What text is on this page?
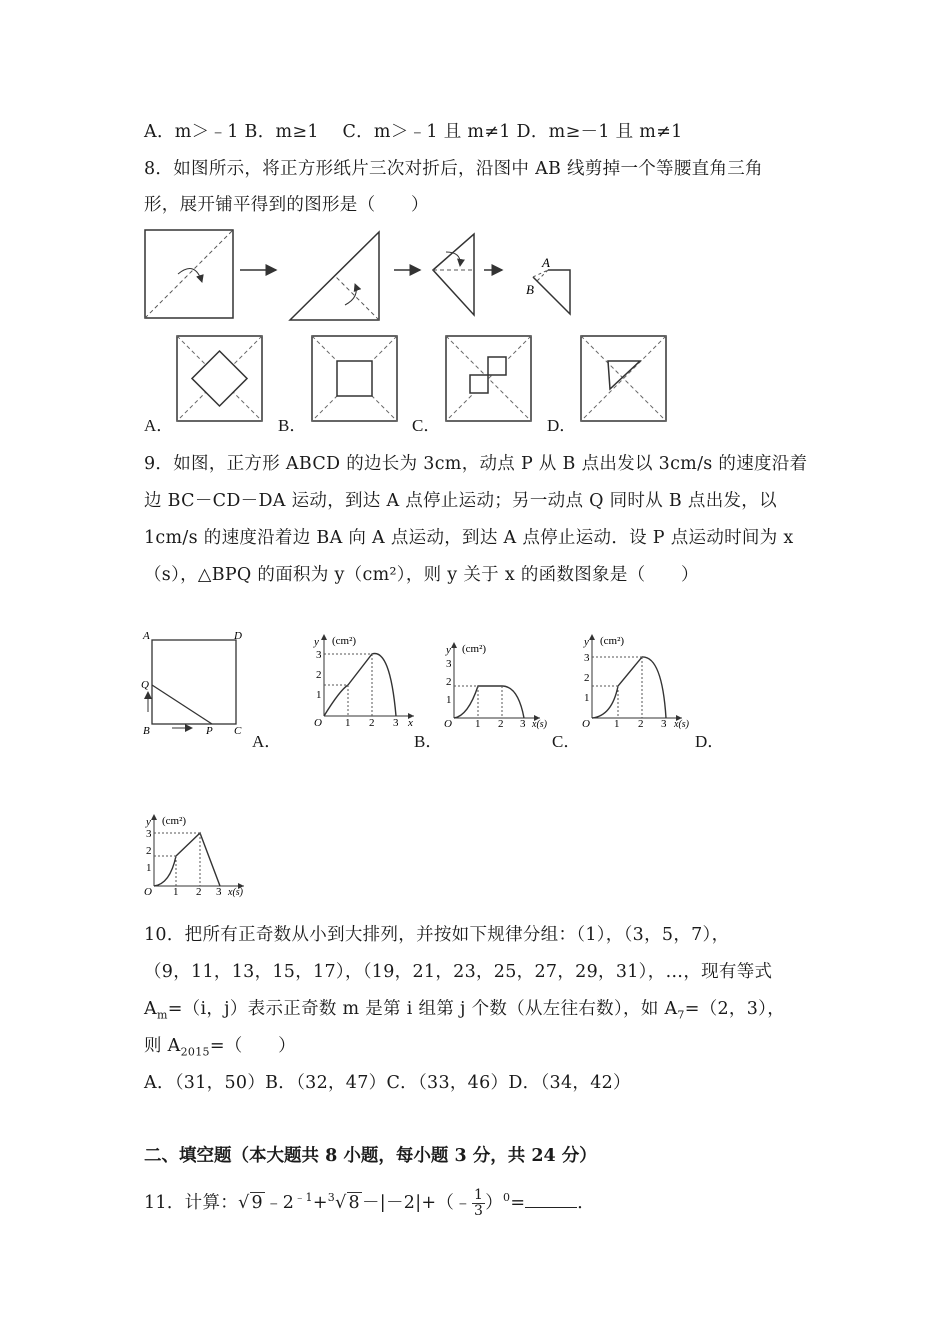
A．m＞﹣1 B．m≥1　 C．m＞﹣1 且 m≠1 D．m≥－1 且 m≠1
8．如图所示，将正方形纸片三次对折后，沿图中 AB 线剪掉一个等腰直角三角
形，展开铺平得到的图形是（　　）
A
B
A．	B．	C．	D．
9．如图，正方形 ABCD 的边长为 3cm，动点 P 从 B 点出发以 3cm/s 的速度沿着
边 BC－CD－DA 运动，到达 A 点停止运动；另一动点 Q 同时从 B 点出发，以
1cm/s 的速度沿着边 BA 向 A 点运动，到达 A 点停止运动．设 P 点运动时间为 x
（s），△BPQ 的面积为 y（cm²），则 y 关于 x 的函数图象是（　　）
A	D
Q
B	P C
A．
y (cm²)
O
1
2
3
1 2 3 x
B．
y (cm²)
O
1
2
3
1 2 3 x(s)
C．
y (cm²)
O
1
2
3
1 2 3 x(s)
D．
y (cm²)
O
1
2
3
1 2 3 x(s)
10．把所有正奇数从小到大排列，并按如下规律分组：（1），（3，5，7），
（9，11，13，15，17），（19，21，23，25，27，29，31），…，现有等式
$A_m=(i$，j）表示正奇数 m 是第 i 组第 j 个数（从左往右数），如 $A_7=(2$，3），
则 $A_{2015}=$（　　）
A．（31，50）B．（32，47）C．（33，46）D．（34，42）
二、填空题（本大题共 8 小题，每小题 3 分，共 24 分）
11．计算：√ 9 $﹣2^{﹣1}+^3√$ 8 －|－2|+（﹣ $\frac{1}{3} )^0=$	．
